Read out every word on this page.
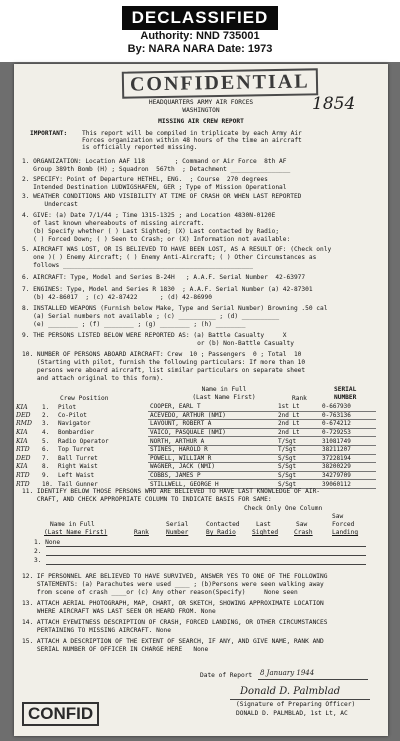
DECLASSIFIED
Authority: NND 735001
By: NARA NARA Date: 1973
CONFIDENTIAL
1854
HEADQUARTERS ARMY AIR FORCES
WASHINGTON
MISSING AIR CREW REPORT
IMPORTANT: This report will be compiled in triplicate by each Army Air
Forces organization within 48 hours of the time an aircraft
is officially reported missing.
1. ORGANIZATION: Location AAF 118        ; Command or Air Force  8th AF
Group 389th Bomb (H) ; Squadron  567th  ; Detachment ________________
2. SPECIFY: Point of Departure HETHEL, ENG.  ; Course  270 degrees
Intended Destination LUDWIGSHAFEN, GER ; Type of Mission Operational
3. WEATHER CONDITIONS AND VISIBILITY AT TIME OF CRASH OR WHEN LAST REPORTED
Undercast
4. GIVE: (a) Date 7/1/44 ; Time 1315-1325 ; and Location 4830N-0120E
of last known whereabouts of missing aircraft.
(b) Specify whether ( ) Last Sighted; (X) Last contacted by Radio;
( ) Forced Down; ( ) Seen to Crash; or (X) Information not available:
5. AIRCRAFT WAS LOST, OR IS BELIEVED TO HAVE BEEN LOST, AS A RESULT OF: (Check only
one )( ) Enemy Aircraft; ( ) Enemy Anti-Aircraft; ( ) Other Circumstances as
follows ___________________________________________________
6. AIRCRAFT: Type, Model and Series B-24H   ; A.A.F. Serial Number  42-63977
7. ENGINES: Type, Model and Series R 1830  ; A.A.F. Serial Number (a) 42-87301
(b) 42-86017  ; (c) 42-87422      ; (d) 42-86990
8. INSTALLED WEAPONS (Furnish below Make, Type and Serial Number) Browning .50 cal
(a) Serial numbers not available ; (c) __________ ; (d) __________
(e) ________ ; (f) ________ ; (g) ________ ; (h) ________
9. THE PERSONS LISTED BELOW WERE REPORTED AS: (a) Battle Casualty     X
or (b) Non-Battle Casualty
10. NUMBER OF PERSONS ABOARD AIRCRAFT: Crew  10 ; Passengers  0 ; Total  10
(Starting with pilot, furnish the following particulars: If more than 10
persons were aboard aircraft, list similar particulars on separate sheet
and attach original to this form).
Name in Full	SERIAL
Crew Position	(Last Name First)	Rank	NUMBER
KIA	1.	Pilot	COOPER, EARL T	1st Lt	0-667930
DED	2.	Co-Pilot	ACEVEDO, ARTHUR (NMI)	2nd Lt	0-763136
RMD	3.	Navigator	LAVOUNT, ROBERT A	2nd Lt	0-674212
KIA	4.	Bombardier	VAICO, PASQUALE (NMI)	2nd Lt	0-729253
KIA	5.	Radio Operator	NORTH, ARTHUR A	T/Sgt	31081749
RTD	6.	Top Turret	STINES, HAROLD R	T/Sgt	38211207
DED	7.	Ball Turret	POWELL, WILLIAM R	S/Sgt	37228194
KIA	8.	Right Waist	WAGNER, JACK (NMI)	S/Sgt	38200229
RTD	9.	Left Waist	COBBS, JAMES P	S/Sgt	34279709
RTD	10.	Tail Gunner	STILLWELL, GEORGE H	S/Sgt	39060112
11. IDENTIFY BELOW THOSE PERSONS WHO ARE BELIEVED TO HAVE LAST KNOWLEDGE OF AIR-
CRAFT, AND CHECK APPROPRIATE COLUMN TO INDICATE BASIS FOR SAME:
Check Only One Column
Saw
Name in Full	Serial	Contacted	Last	Saw	Forced
(Last Name First)	Rank	Number	By Radio	Sighted	Crash	Landing
1. None
2.
3.
12. IF PERSONNEL ARE BELIEVED TO HAVE SURVIVED, ANSWER YES TO ONE OF THE FOLLOWING
STATEMENTS: (a) Parachutes were used ____ ; (b)Persons were seen walking away
from scene of crash ____or (c) Any other reason(Specify)     None seen
13. ATTACH AERIAL PHOTOGRAPH, MAP, CHART, OR SKETCH, SHOWING APPROXIMATE LOCATION
WHERE AIRCRAFT WAS LAST SEEN OR HEARD FROM. None
14. ATTACH EYEWITNESS DESCRIPTION OF CRASH, FORCED LANDING, OR OTHER CIRCUMSTANCES
PERTAINING TO MISSING AIRCRAFT. None
15. ATTACH A DESCRIPTION OF THE EXTENT OF SEARCH, IF ANY, AND GIVE NAME, RANK AND
SERIAL NUMBER OF OFFICER IN CHARGE HERE   None
Date of Report 8 January 1944
Donald D. Palmblad
(Signature of Preparing Officer)
DONALD D. PALMBLAD, 1st Lt, AC
CONFID
